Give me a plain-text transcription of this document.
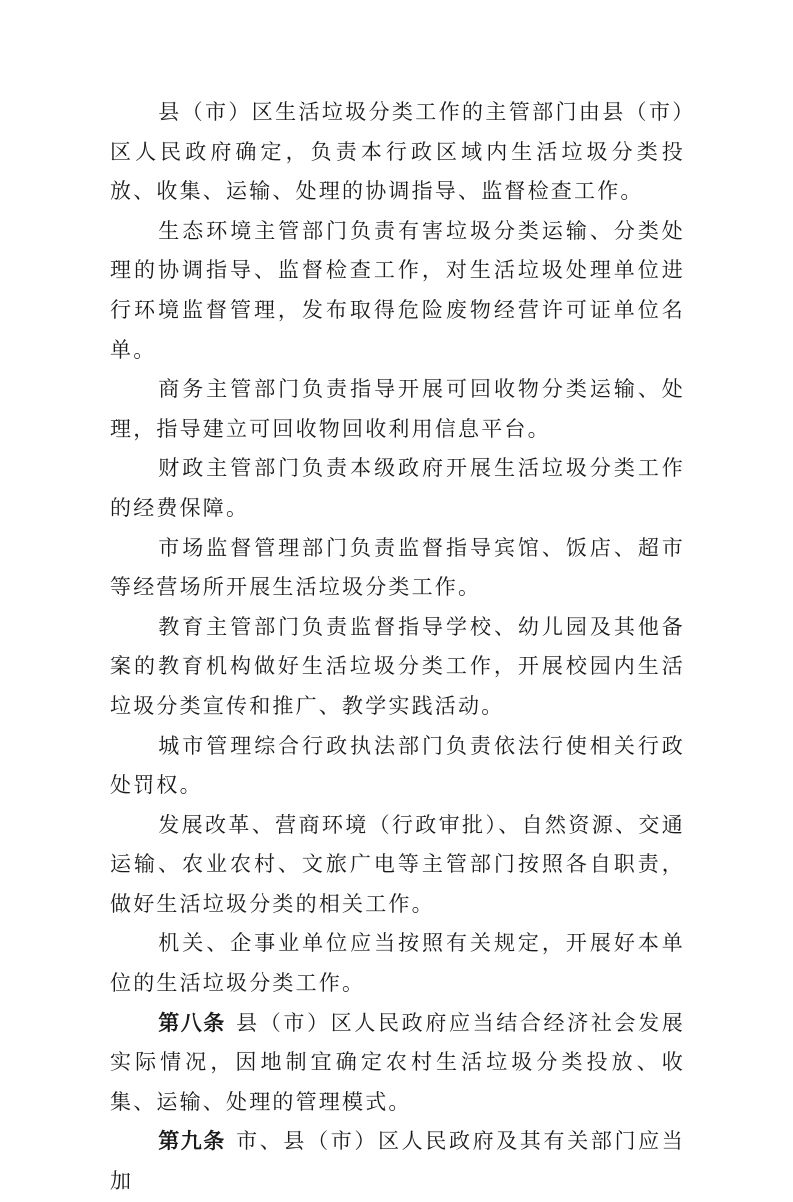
县（市）区生活垃圾分类工作的主管部门由县（市）区人民政府确定，负责本行政区域内生活垃圾分类投放、收集、运输、处理的协调指导、监督检查工作。

生态环境主管部门负责有害垃圾分类运输、分类处理的协调指导、监督检查工作，对生活垃圾处理单位进行环境监督管理，发布取得危险废物经营许可证单位名单。

商务主管部门负责指导开展可回收物分类运输、处理，指导建立可回收物回收利用信息平台。

财政主管部门负责本级政府开展生活垃圾分类工作的经费保障。

市场监督管理部门负责监督指导宾馆、饭店、超市等经营场所开展生活垃圾分类工作。

教育主管部门负责监督指导学校、幼儿园及其他备案的教育机构做好生活垃圾分类工作，开展校园内生活垃圾分类宣传和推广、教学实践活动。

城市管理综合行政执法部门负责依法行使相关行政处罚权。

发展改革、营商环境（行政审批）、自然资源、交通运输、农业农村、文旅广电等主管部门按照各自职责，做好生活垃圾分类的相关工作。

机关、企事业单位应当按照有关规定，开展好本单位的生活垃圾分类工作。

第八条 县（市）区人民政府应当结合经济社会发展实际情况，因地制宜确定农村生活垃圾分类投放、收集、运输、处理的管理模式。

第九条 市、县（市）区人民政府及其有关部门应当加
